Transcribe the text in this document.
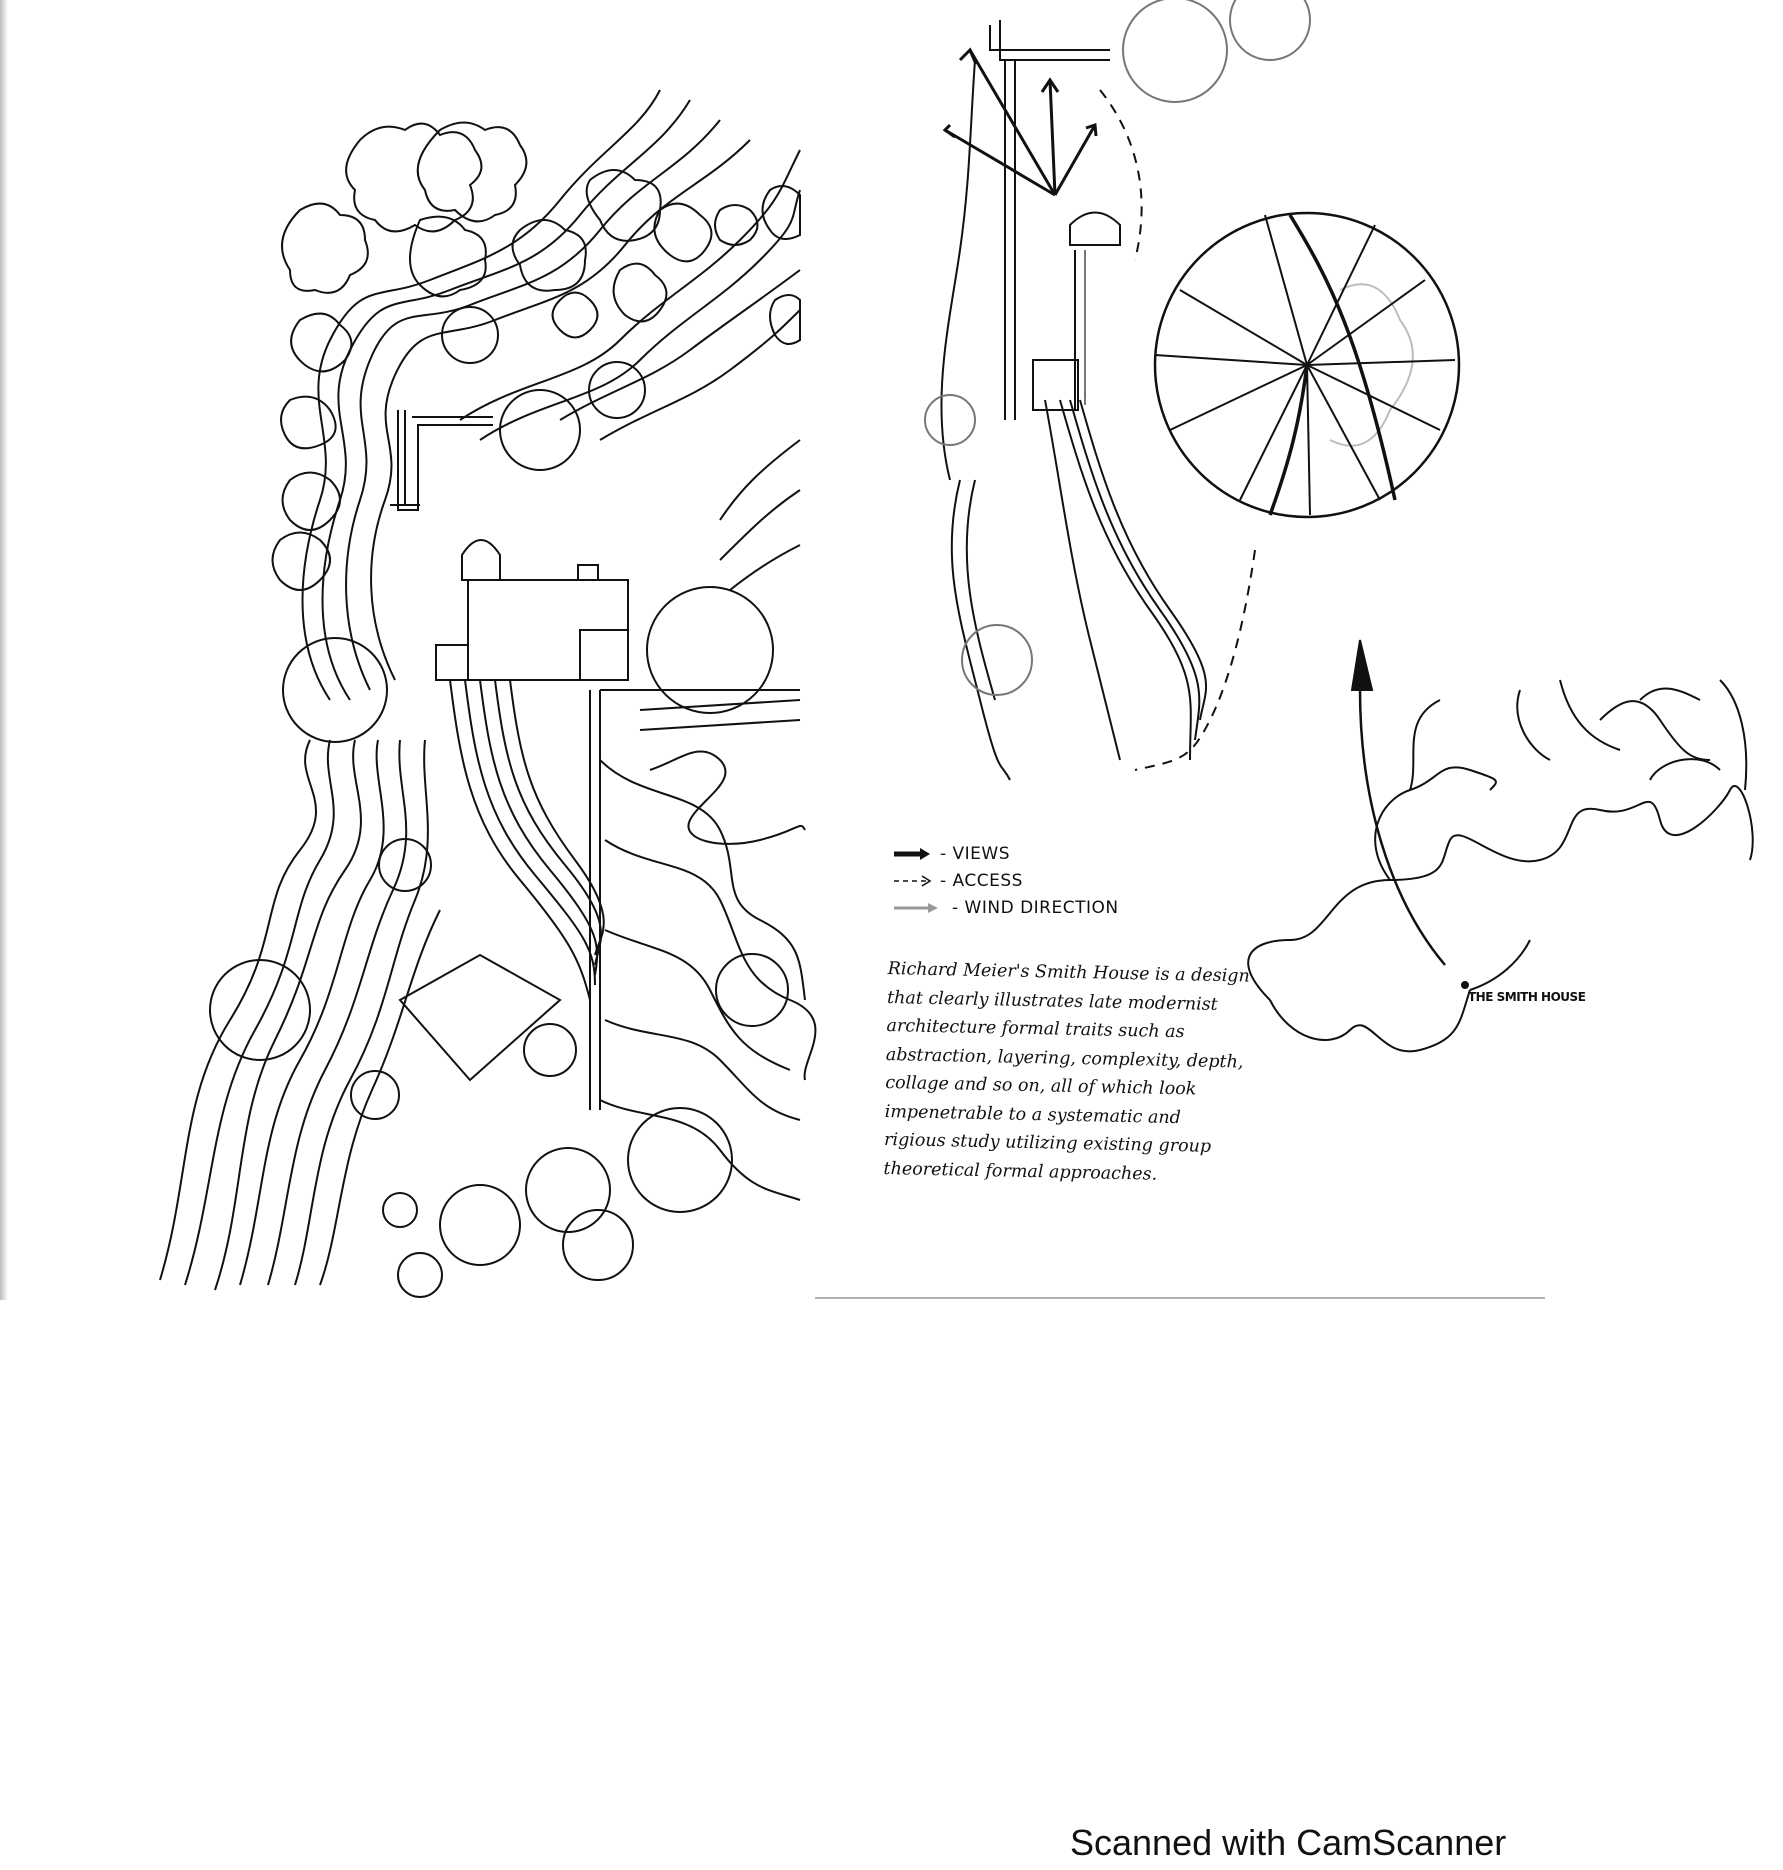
- VIEWS
- ACCESS
- WIND DIRECTION
Richard Meier's Smith House is a design
that clearly illustrates late modernist
architecture formal traits such as
abstraction, layering, complexity, depth,
collage and so on, all of which look
impenetrable to a systematic and
rigious study utilizing existing group
theoretical formal approaches.
THE SMITH HOUSE
Scanned with CamScanner
